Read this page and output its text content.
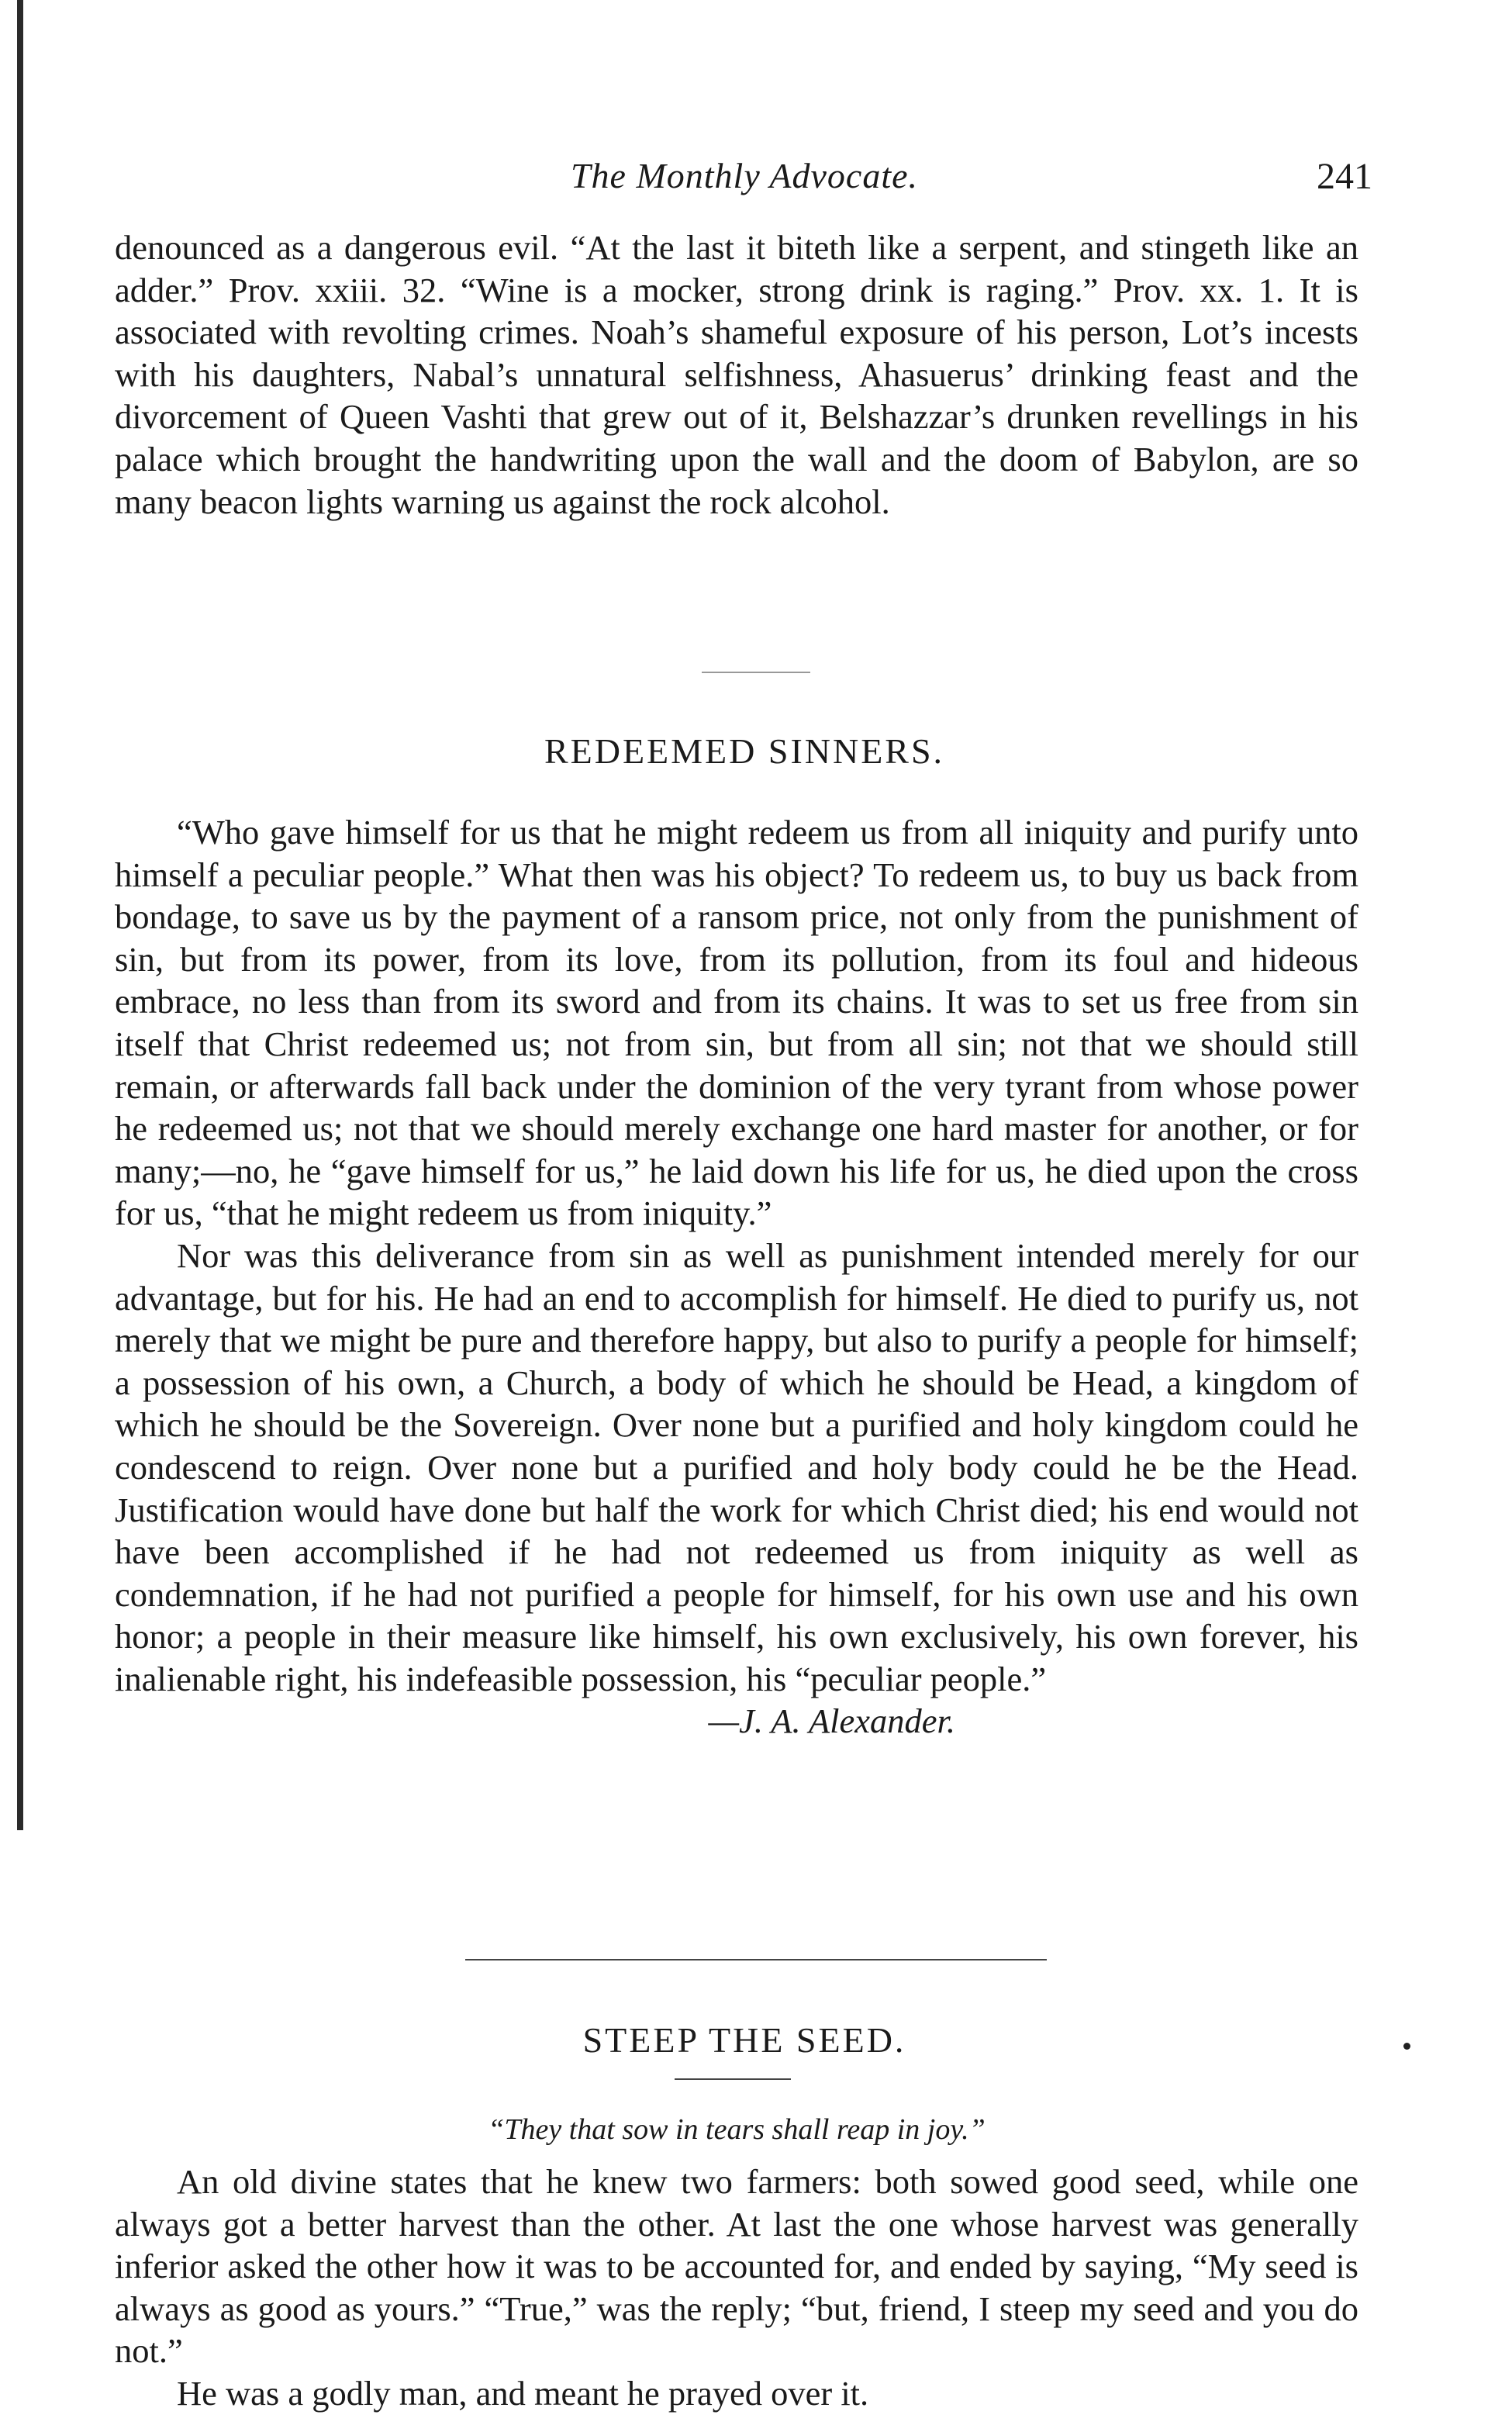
The Monthly Advocate.	241

denounced as a dangerous evil. “At the last it biteth like a serpent, and stingeth like an adder.” Prov. xxiii. 32. “Wine is a mocker, strong drink is raging.” Prov. xx. 1. It is associated with revolting crimes. Noah’s shameful exposure of his person, Lot’s incests with his daughters, Nabal’s unnatural selfishness, Ahasuerus’ drinking feast and the divorcement of Queen Vashti that grew out of it, Belshazzar’s drunken revellings in his palace which brought the handwriting upon the wall and the doom of Babylon, are so many beacon lights warning us against the rock alcohol.

REDEEMED SINNERS.

“Who gave himself for us that he might redeem us from all iniquity and purify unto himself a peculiar people.” What then was his object? To redeem us, to buy us back from bondage, to save us by the payment of a ransom price, not only from the punishment of sin, but from its power, from its love, from its pollution, from its foul and hideous embrace, no less than from its sword and from its chains. It was to set us free from sin itself that Christ redeemed us; not from sin, but from all sin; not that we should still remain, or afterwards fall back under the dominion of the very tyrant from whose power he redeemed us; not that we should merely exchange one hard master for another, or for many;—no, he “gave himself for us,” he laid down his life for us, he died upon the cross for us, “that he might redeem us from iniquity.”

Nor was this deliverance from sin as well as punishment intended merely for our advantage, but for his. He had an end to accomplish for himself. He died to purify us, not merely that we might be pure and therefore happy, but also to purify a people for himself; a possession of his own, a Church, a body of which he should be Head, a kingdom of which he should be the Sovereign. Over none but a purified and holy kingdom could he condescend to reign. Over none but a purified and holy body could he be the Head. Justification would have done but half the work for which Christ died; his end would not have been accomplished if he had not redeemed us from iniquity as well as condemnation, if he had not purified a people for himself, for his own use and his own honor; a people in their measure like himself, his own exclusively, his own forever, his inalienable right, his indefeasible possession, his “peculiar people.”

—J. A. Alexander.

STEEP THE SEED.
“They that sow in tears shall reap in joy.”

An old divine states that he knew two farmers: both sowed good seed, while one always got a better harvest than the other. At last the one whose harvest was generally inferior asked the other how it was to be accounted for, and ended by saying, “My seed is always as good as yours.” “True,” was the reply; “but, friend, I steep my seed and you do not.”

He was a godly man, and meant he prayed over it.
